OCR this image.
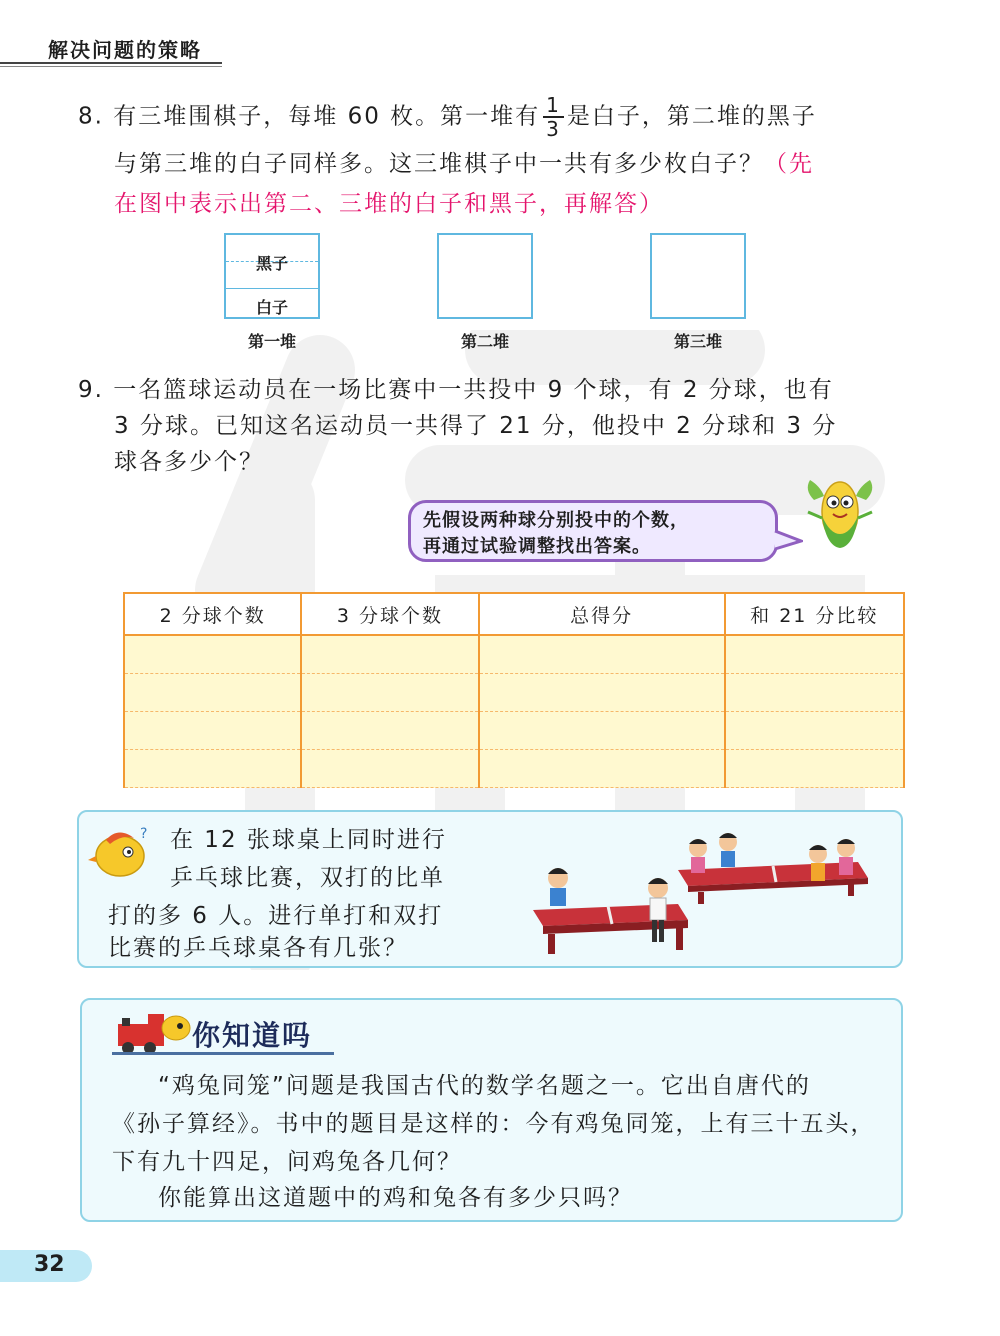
解决问题的策略
8. 有三堆围棋子，每堆 60 枚。第一堆有 $\frac{1}{3}$ 是白子，第二堆的黑子
与第三堆的白子同样多。这三堆棋子中一共有多少枚白子？（先
在图中表示出第二、三堆的白子和黑子，再解答）
黑子
白子
第一堆	第二堆	第三堆
9. 一名篮球运动员在一场比赛中一共投中 9 个球，有 2 分球，也有
3 分球。已知这名运动员一共得了 21 分，他投中 2 分球和 3 分
球各多少个？
先假设两种球分别投中的个数，
再通过试验调整找出答案。
2 分球个数	3 分球个数	总得分	和 21 分比较

? 在 12 张球桌上同时进行
乒乓球比赛，双打的比单
打的多 6 人。进行单打和双打
比赛的乒乓球桌各有几张？
你知道吗
“鸡兔同笼”问题是我国古代的数学名题之一。它出自唐代的
《孙子算经》。书中的题目是这样的：今有鸡兔同笼，上有三十五头，
下有九十四足，问鸡兔各几何？
你能算出这道题中的鸡和兔各有多少只吗？
32
